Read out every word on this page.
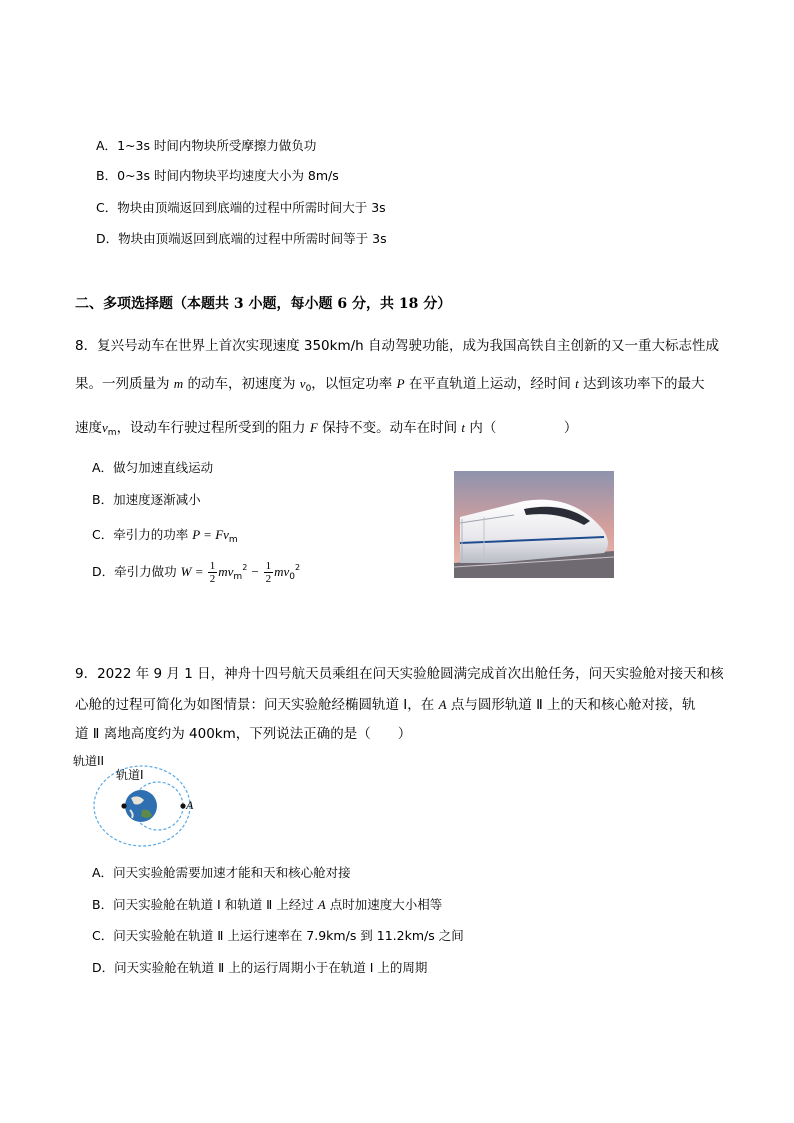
A．1~3s 时间内物块所受摩擦力做负功
B．0~3s 时间内物块平均速度大小为 8m/s
C．物块由顶端返回到底端的过程中所需时间大于 3s
D．物块由顶端返回到底端的过程中所需时间等于 3s
二、多项选择题（本题共 3 小题，每小题 6 分，共 18 分）
8．复兴号动车在世界上首次实现速度 350km/h 自动驾驶功能，成为我国高铁自主创新的又一重大标志性成
果。一列质量为 m 的动车，初速度为 $v_0$，以恒定功率 P 在平直轨道上运动，经时间 t 达到该功率下的最大
速度$v_m$，设动车行驶过程所受到的阻力 F 保持不变。动车在时间 t 内（　　　　　）
A．做匀加速直线运动
B．加速度逐渐减小
C．牵引力的功率 $P = Fv_m$
D．牵引力做功 $W = \frac{1}{2} mv_m^2 - \frac{1}{2} mv_0^2$
9．2022 年 9 月 1 日，神舟十四号航天员乘组在问天实验舱圆满完成首次出舱任务，问天实验舱对接天和核
心舱的过程可简化为如图情景：问天实验舱经椭圆轨道 Ⅰ，在 A 点与圆形轨道 Ⅱ 上的天和核心舱对接，轨
道 Ⅱ 离地高度约为 400km，下列说法正确的是（　　）
轨道II
轨道I
A
A．问天实验舱需要加速才能和天和核心舱对接
B．问天实验舱在轨道 Ⅰ 和轨道 Ⅱ 上经过 A 点时加速度大小相等
C．问天实验舱在轨道 Ⅱ 上运行速率在 7.9km/s 到 11.2km/s 之间
D．问天实验舱在轨道 Ⅱ 上的运行周期小于在轨道 Ⅰ 上的周期
